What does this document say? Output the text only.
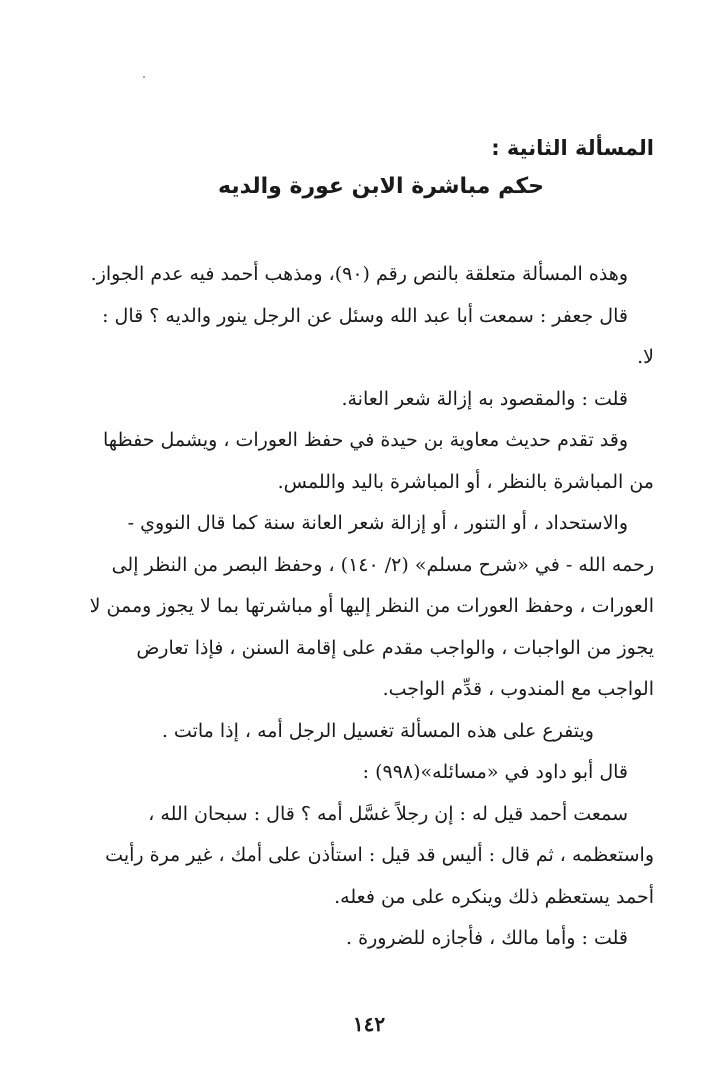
المسألة الثانية :
حكم مباشرة الابن عورة والديه
وهذه المسألة متعلقة بالنص رقم (٩٠)، ومذهب أحمد فيه عدم الجواز.
قال جعفر : سمعت أبا عبد الله وسئل عن الرجل ينور والديه ؟ قال :
لا.
قلت : والمقصود به إزالة شعر العانة.
وقد تقدم حديث معاوية بن حيدة في حفظ العورات ، ويشمل حفظها
من المباشرة بالنظر ، أو المباشرة باليد واللمس.
والاستحداد ، أو التنور ، أو إزالة شعر العانة سنة كما قال النووي -
رحمه الله - في «شرح مسلم» (٢/ ١٤٠) ، وحفظ البصر من النظر إلى
العورات ، وحفظ العورات من النظر إليها أو مباشرتها بما لا يجوز وممن لا
يجوز من الواجبات ، والواجب مقدم على إقامة السنن ، فإذا تعارض
الواجب مع المندوب ، قدِّم الواجب.
ويتفرع على هذه المسألة تغسيل الرجل أمه ، إذا ماتت .
قال أبو داود في «مسائله»(٩٩٨) :
سمعت أحمد قيل له : إن رجلاً غسَّل أمه ؟ قال : سبحان الله ،
واستعظمه ، ثم قال : أليس قد قيل : استأذن على أمك ، غير مرة رأيت
أحمد يستعظم ذلك وينكره على من فعله.
قلت : وأما مالك ، فأجازه للضرورة .
١٤٢
